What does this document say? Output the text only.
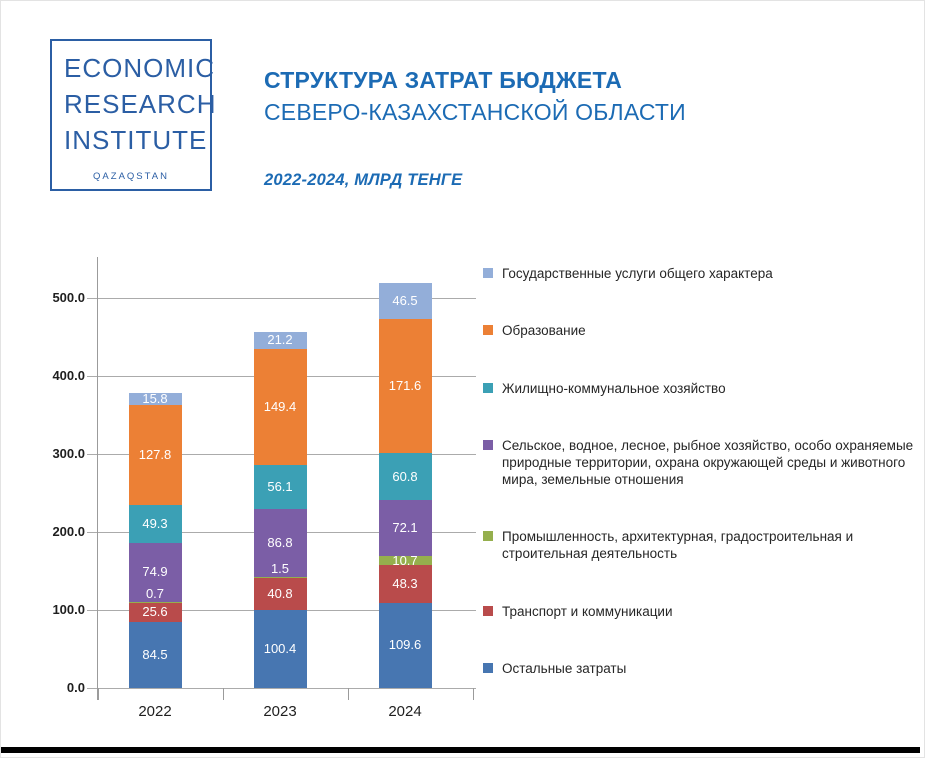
ECONOMIC
RESEARCH
INSTITUTE
QAZAQSTAN
СТРУКТУРА ЗАТРАТ БЮДЖЕТА
СЕВЕРО-КАЗАХСТАНСКОЙ ОБЛАСТИ
2022-2024, МЛРД ТЕНГЕ
0.0
100.0
200.0
300.0
400.0
500.0
84.5
25.6
0.7
74.9
49.3
127.8
15.8
2022
100.4
40.8
1.5
86.8
56.1
149.4
21.2
2023
109.6
48.3
10.7
72.1
60.8
171.6
46.5
2024
Государственные услуги общего характера
Образование
Жилищно-коммунальное хозяйство
Сельское, водное, лесное, рыбное хозяйство, особо охраняемые природные территории, охрана окружающей среды и животного мира, земельные отношения
Промышленность, архитектурная, градостроительная и строительная деятельность
Транспорт и коммуникации
Остальные затраты
